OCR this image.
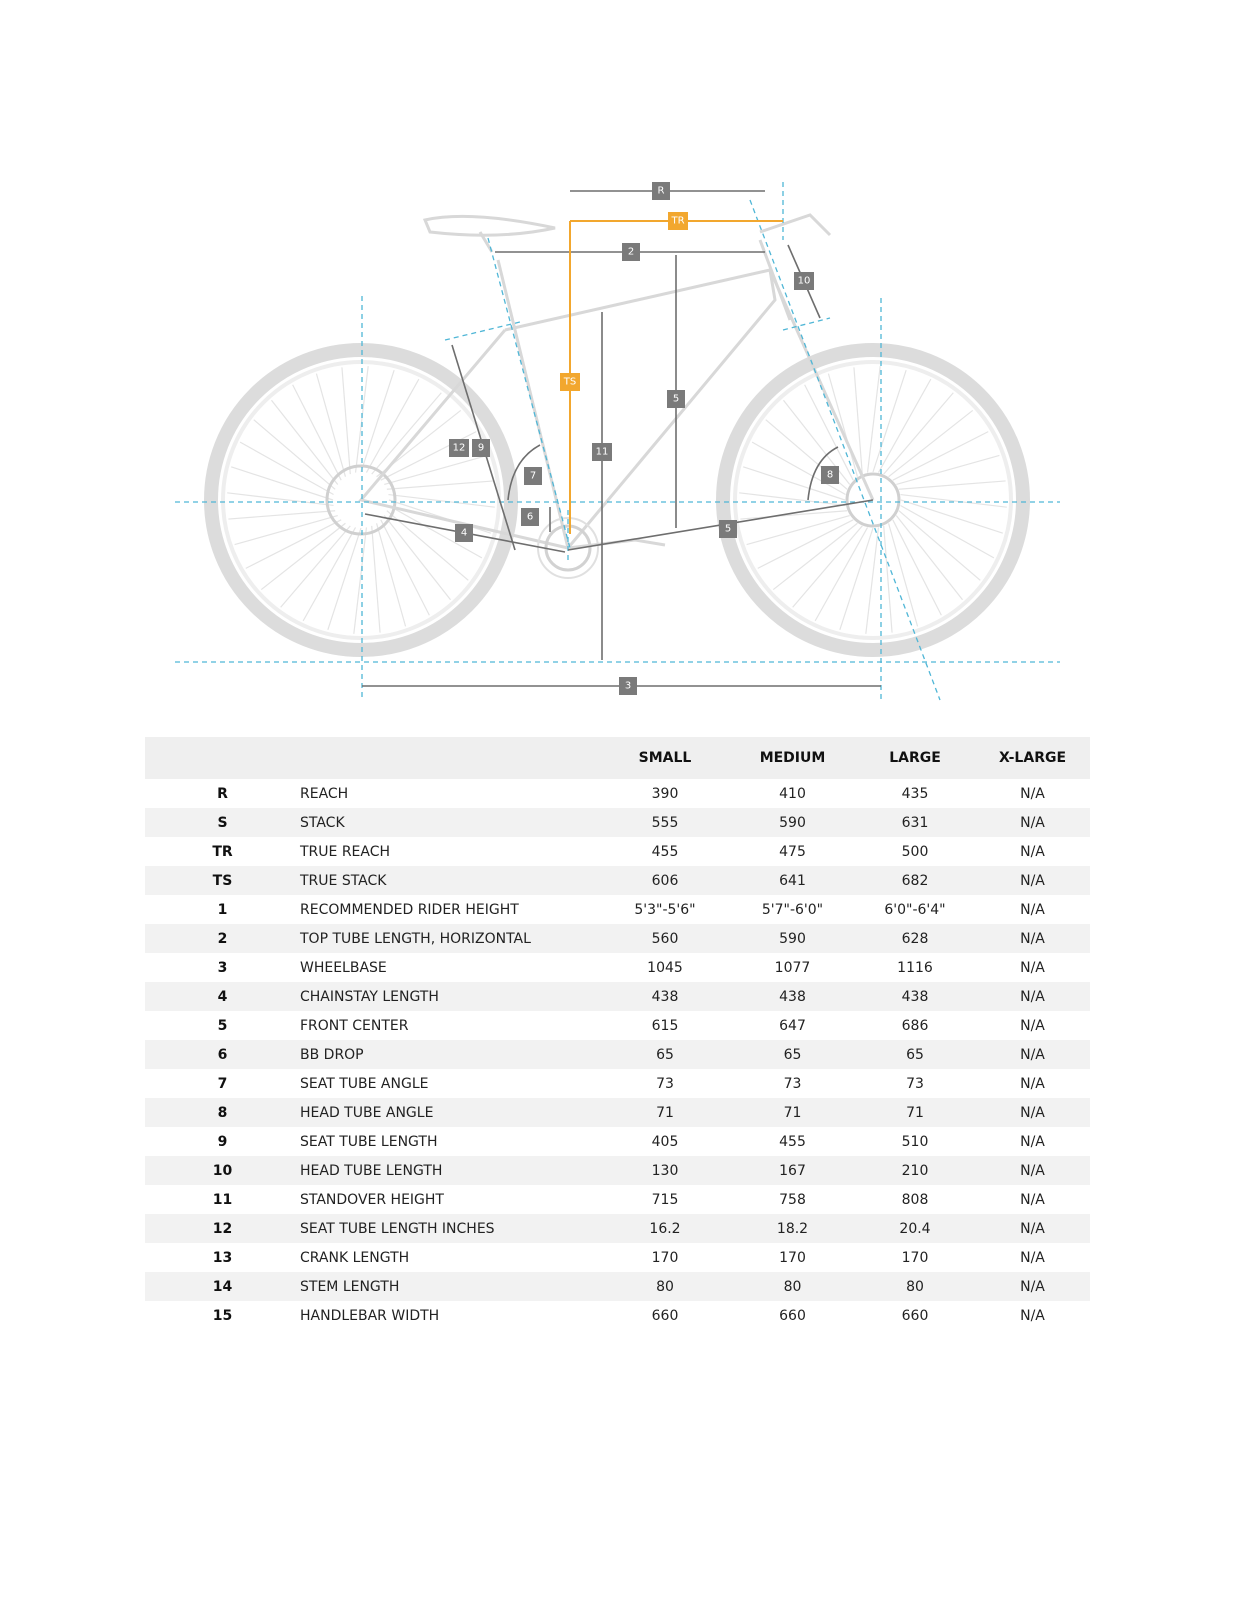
R
TR
2
10
TS
5
12 9	11
7	8
6
5
4
3
		SMALL	MEDIUM	LARGE	X-LARGE
R	REACH	390	410	435	N/A
S	STACK	555	590	631	N/A
TR	TRUE REACH	455	475	500	N/A
TS	TRUE STACK	606	641	682	N/A
1	RECOMMENDED RIDER HEIGHT	5'3"-5'6"	5'7"-6'0"	6'0"-6'4"	N/A
2	TOP TUBE LENGTH, HORIZONTAL	560	590	628	N/A
3	WHEELBASE	1045	1077	1116	N/A
4	CHAINSTAY LENGTH	438	438	438	N/A
5	FRONT CENTER	615	647	686	N/A
6	BB DROP	65	65	65	N/A
7	SEAT TUBE ANGLE	73	73	73	N/A
8	HEAD TUBE ANGLE	71	71	71	N/A
9	SEAT TUBE LENGTH	405	455	510	N/A
10	HEAD TUBE LENGTH	130	167	210	N/A
11	STANDOVER HEIGHT	715	758	808	N/A
12	SEAT TUBE LENGTH INCHES	16.2	18.2	20.4	N/A
13	CRANK LENGTH	170	170	170	N/A
14	STEM LENGTH	80	80	80	N/A
15	HANDLEBAR WIDTH	660	660	660	N/A
